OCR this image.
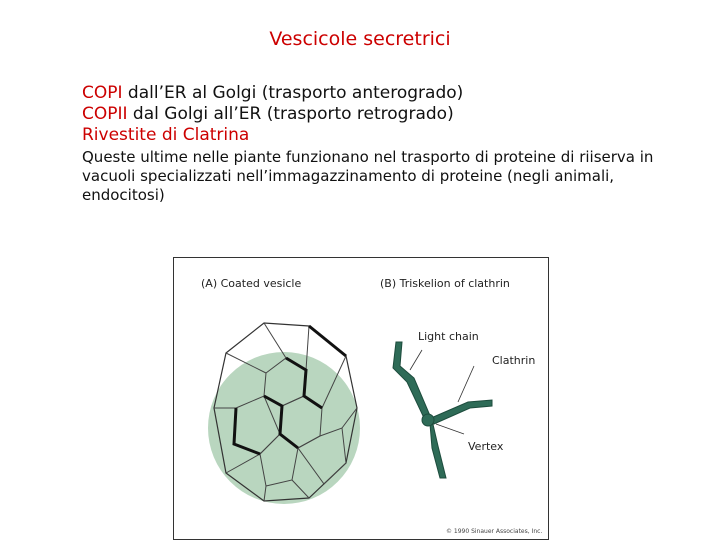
Vescicole secretrici
COPI dall’ER al Golgi (trasporto anterogrado)
COPII dal Golgi all’ER (trasporto retrogrado)
Rivestite di Clatrina
Queste ultime nelle piante funzionano nel trasporto di proteine di riiserva in vacuoli specializzati nell’immagazzinamento di proteine (negli animali, endocitosi)
(A) Coated vesicle	(B) Triskelion of clathrin
Light chain
Clathrin
Vertex
© 1990 Sinauer Associates, Inc.
